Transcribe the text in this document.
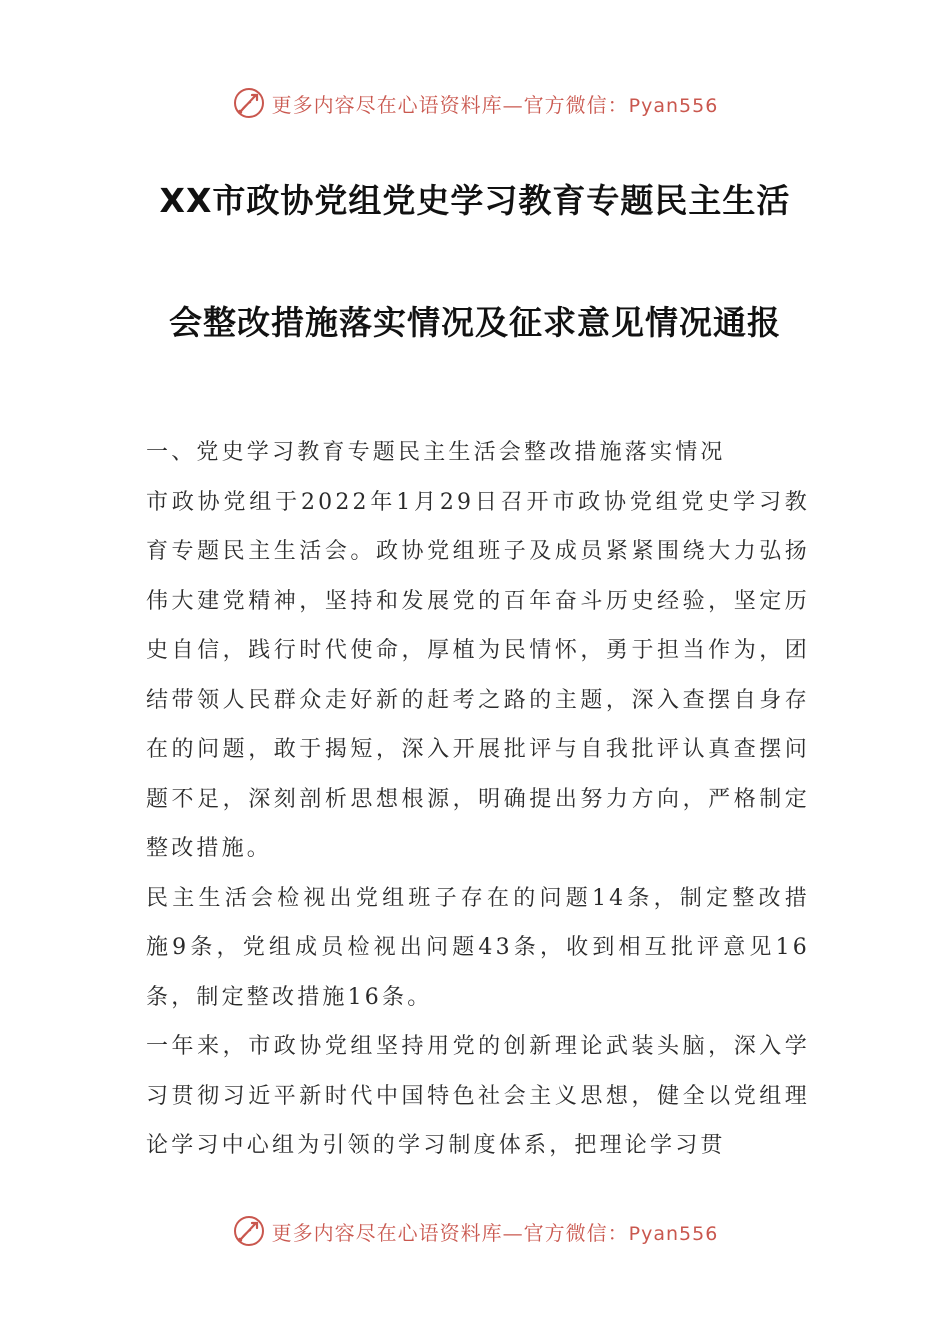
更多内容尽在心语资料库—官方微信：Pyan556
XX市政协党组党史学习教育专题民主生活
会整改措施落实情况及征求意见情况通报

一、党史学习教育专题民主生活会整改措施落实情况

市政协党组于2022年1月29日召开市政协党组党史学习教育专题民主生活会。政协党组班子及成员紧紧围绕大力弘扬伟大建党精神，坚持和发展党的百年奋斗历史经验，坚定历史自信，践行时代使命，厚植为民情怀，勇于担当作为，团结带领人民群众走好新的赶考之路的主题，深入查摆自身存在的问题，敢于揭短，深入开展批评与自我批评认真查摆问题不足，深刻剖析思想根源，明确提出努力方向，严格制定整改措施。

民主生活会检视出党组班子存在的问题14条，制定整改措施9条，党组成员检视出问题43条，收到相互批评意见16条，制定整改措施16条。

一年来，市政协党组坚持用党的创新理论武装头脑，深入学习贯彻习近平新时代中国特色社会主义思想，健全以党组理论学习中心组为引领的学习制度体系，把理论学习贯

更多内容尽在心语资料库—官方微信：Pyan556
